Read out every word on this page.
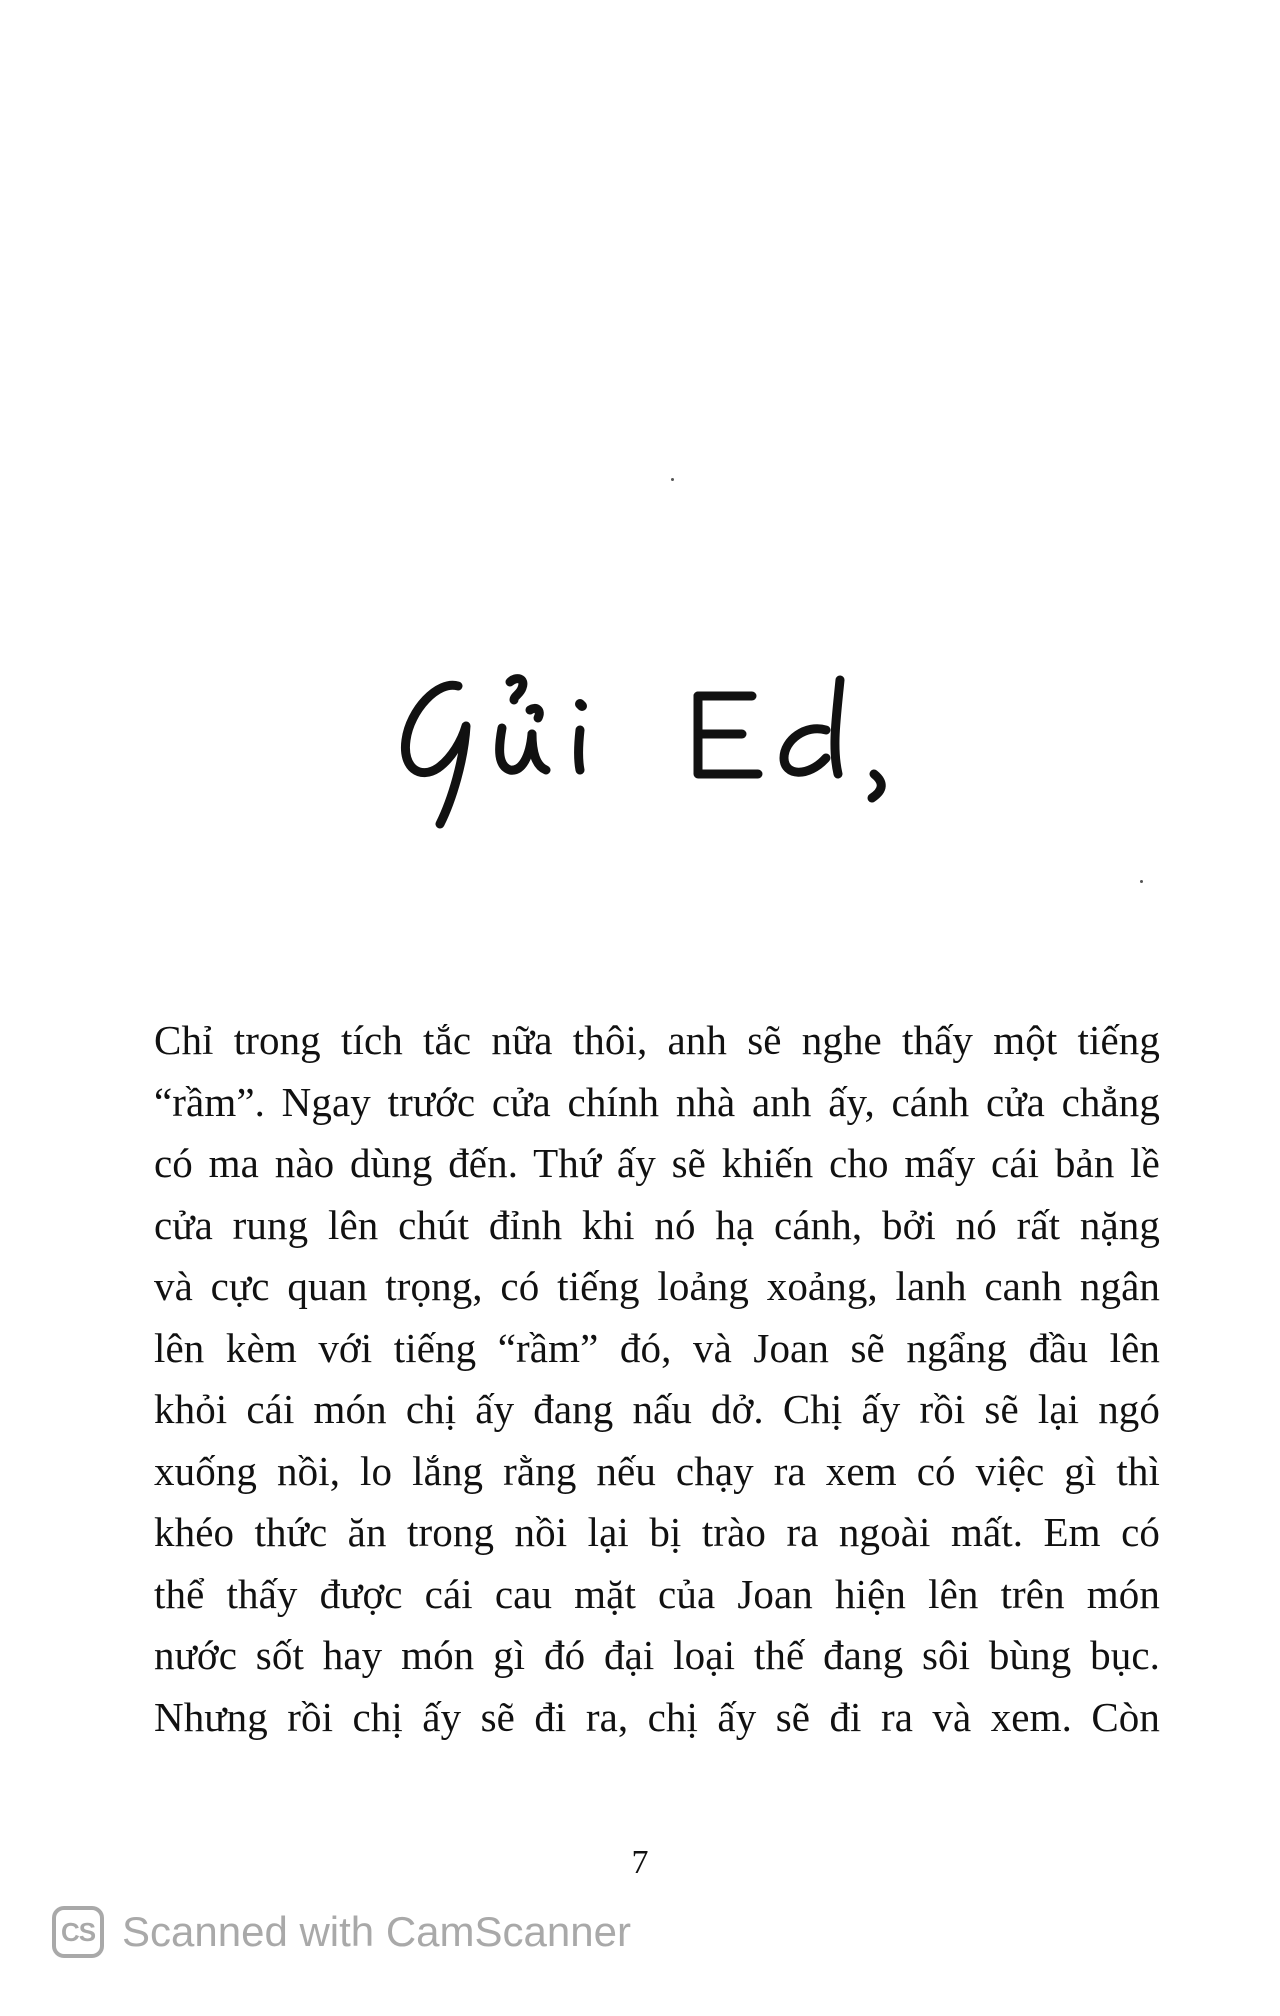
Chỉ trong tích tắc nữa thôi, anh sẽ nghe thấy một tiếng
“rầm”. Ngay trước cửa chính nhà anh ấy, cánh cửa chẳng
có ma nào dùng đến. Thứ ấy sẽ khiến cho mấy cái bản lề
cửa rung lên chút đỉnh khi nó hạ cánh, bởi nó rất nặng
và cực quan trọng, có tiếng loảng xoảng, lanh canh ngân
lên kèm với tiếng “rầm” đó, và Joan sẽ ngẩng đầu lên
khỏi cái món chị ấy đang nấu dở. Chị ấy rồi sẽ lại ngó
xuống nồi, lo lắng rằng nếu chạy ra xem có việc gì thì
khéo thức ăn trong nồi lại bị trào ra ngoài mất. Em có
thể thấy được cái cau mặt của Joan hiện lên trên món
nước sốt hay món gì đó đại loại thế đang sôi bùng bục.
Nhưng rồi chị ấy sẽ đi ra, chị ấy sẽ đi ra và xem. Còn
7
CS Scanned with CamScanner
